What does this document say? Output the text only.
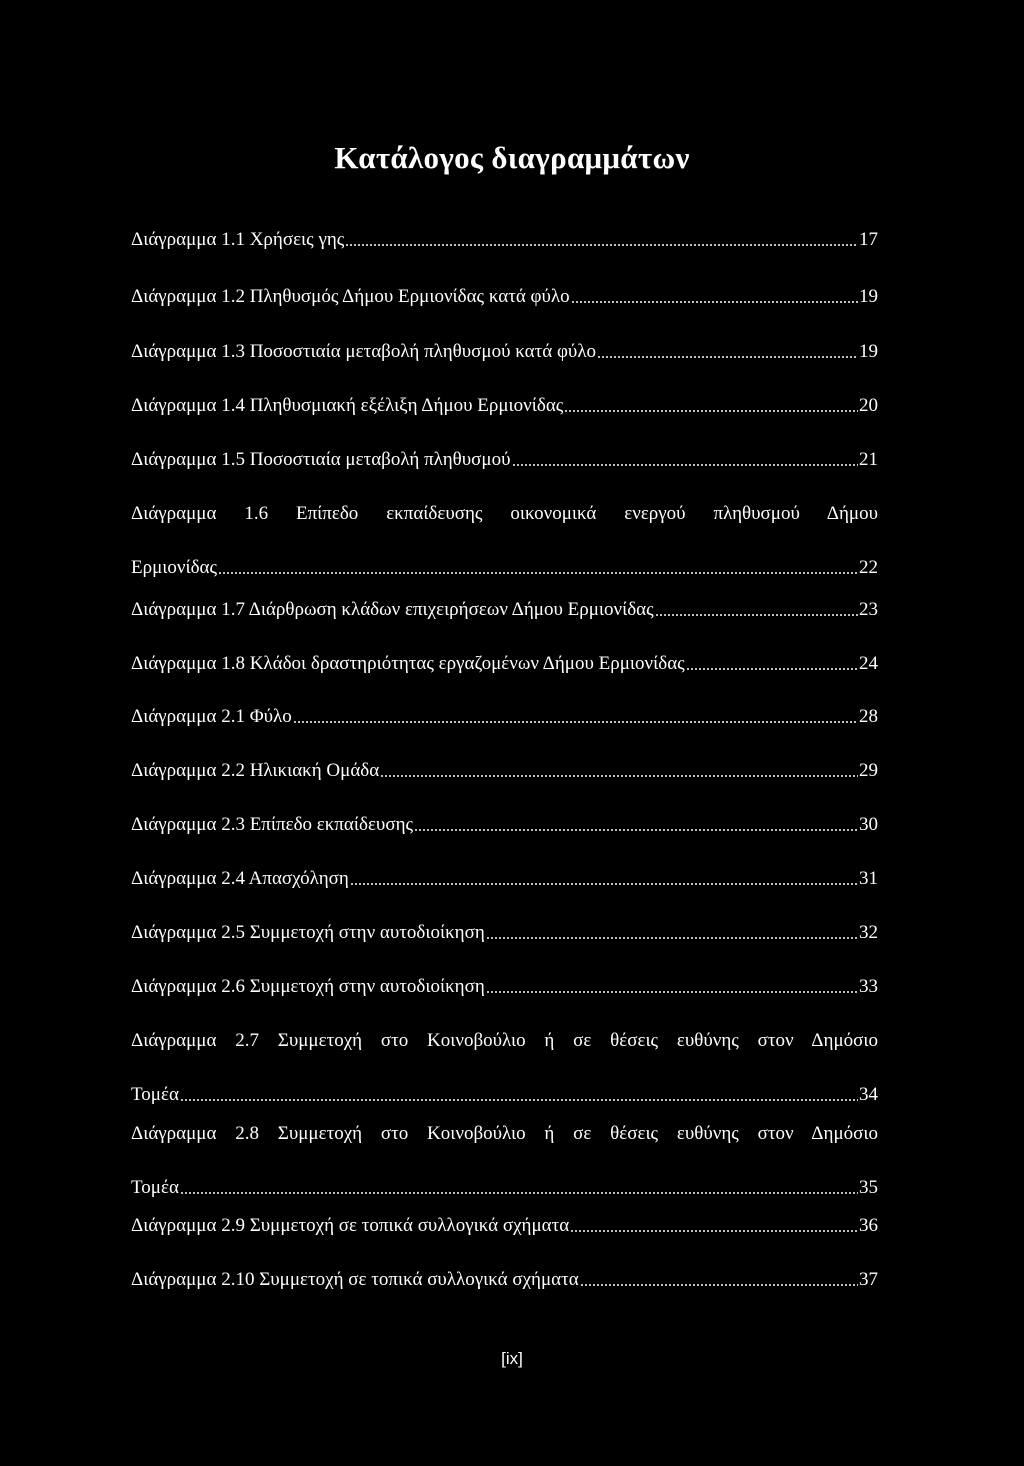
Κατάλογος διαγραμμάτων
Διάγραμμα 1.1 Χρήσεις γης	17
Διάγραμμα 1.2 Πληθυσμός Δήμου Ερμιονίδας κατά φύλο	19
Διάγραμμα 1.3 Ποσοστιαία μεταβολή πληθυσμού κατά φύλο	19
Διάγραμμα 1.4 Πληθυσμιακή εξέλιξη Δήμου Ερμιονίδας	20
Διάγραμμα 1.5 Ποσοστιαία μεταβολή πληθυσμού	21
Διάγραμμα 1.6 Επίπεδο εκπαίδευσης οικονομικά ενεργού πληθυσμού Δήμου
Ερμιονίδας	22
Διάγραμμα 1.7 Διάρθρωση κλάδων επιχειρήσεων Δήμου Ερμιονίδας	23
Διάγραμμα 1.8 Κλάδοι δραστηριότητας εργαζομένων Δήμου Ερμιονίδας	24
Διάγραμμα 2.1 Φύλο	28
Διάγραμμα 2.2 Ηλικιακή Ομάδα	29
Διάγραμμα 2.3 Επίπεδο εκπαίδευσης	30
Διάγραμμα 2.4 Απασχόληση	31
Διάγραμμα 2.5 Συμμετοχή στην αυτοδιοίκηση	32
Διάγραμμα 2.6 Συμμετοχή στην αυτοδιοίκηση	33
Διάγραμμα 2.7 Συμμετοχή στο Κοινοβούλιο ή σε θέσεις ευθύνης στον Δημόσιο
Τομέα	34
Διάγραμμα 2.8 Συμμετοχή στο Κοινοβούλιο ή σε θέσεις ευθύνης στον Δημόσιο
Τομέα	35
Διάγραμμα 2.9 Συμμετοχή σε τοπικά συλλογικά σχήματα	36
Διάγραμμα 2.10 Συμμετοχή σε τοπικά συλλογικά σχήματα	37
[ix]
